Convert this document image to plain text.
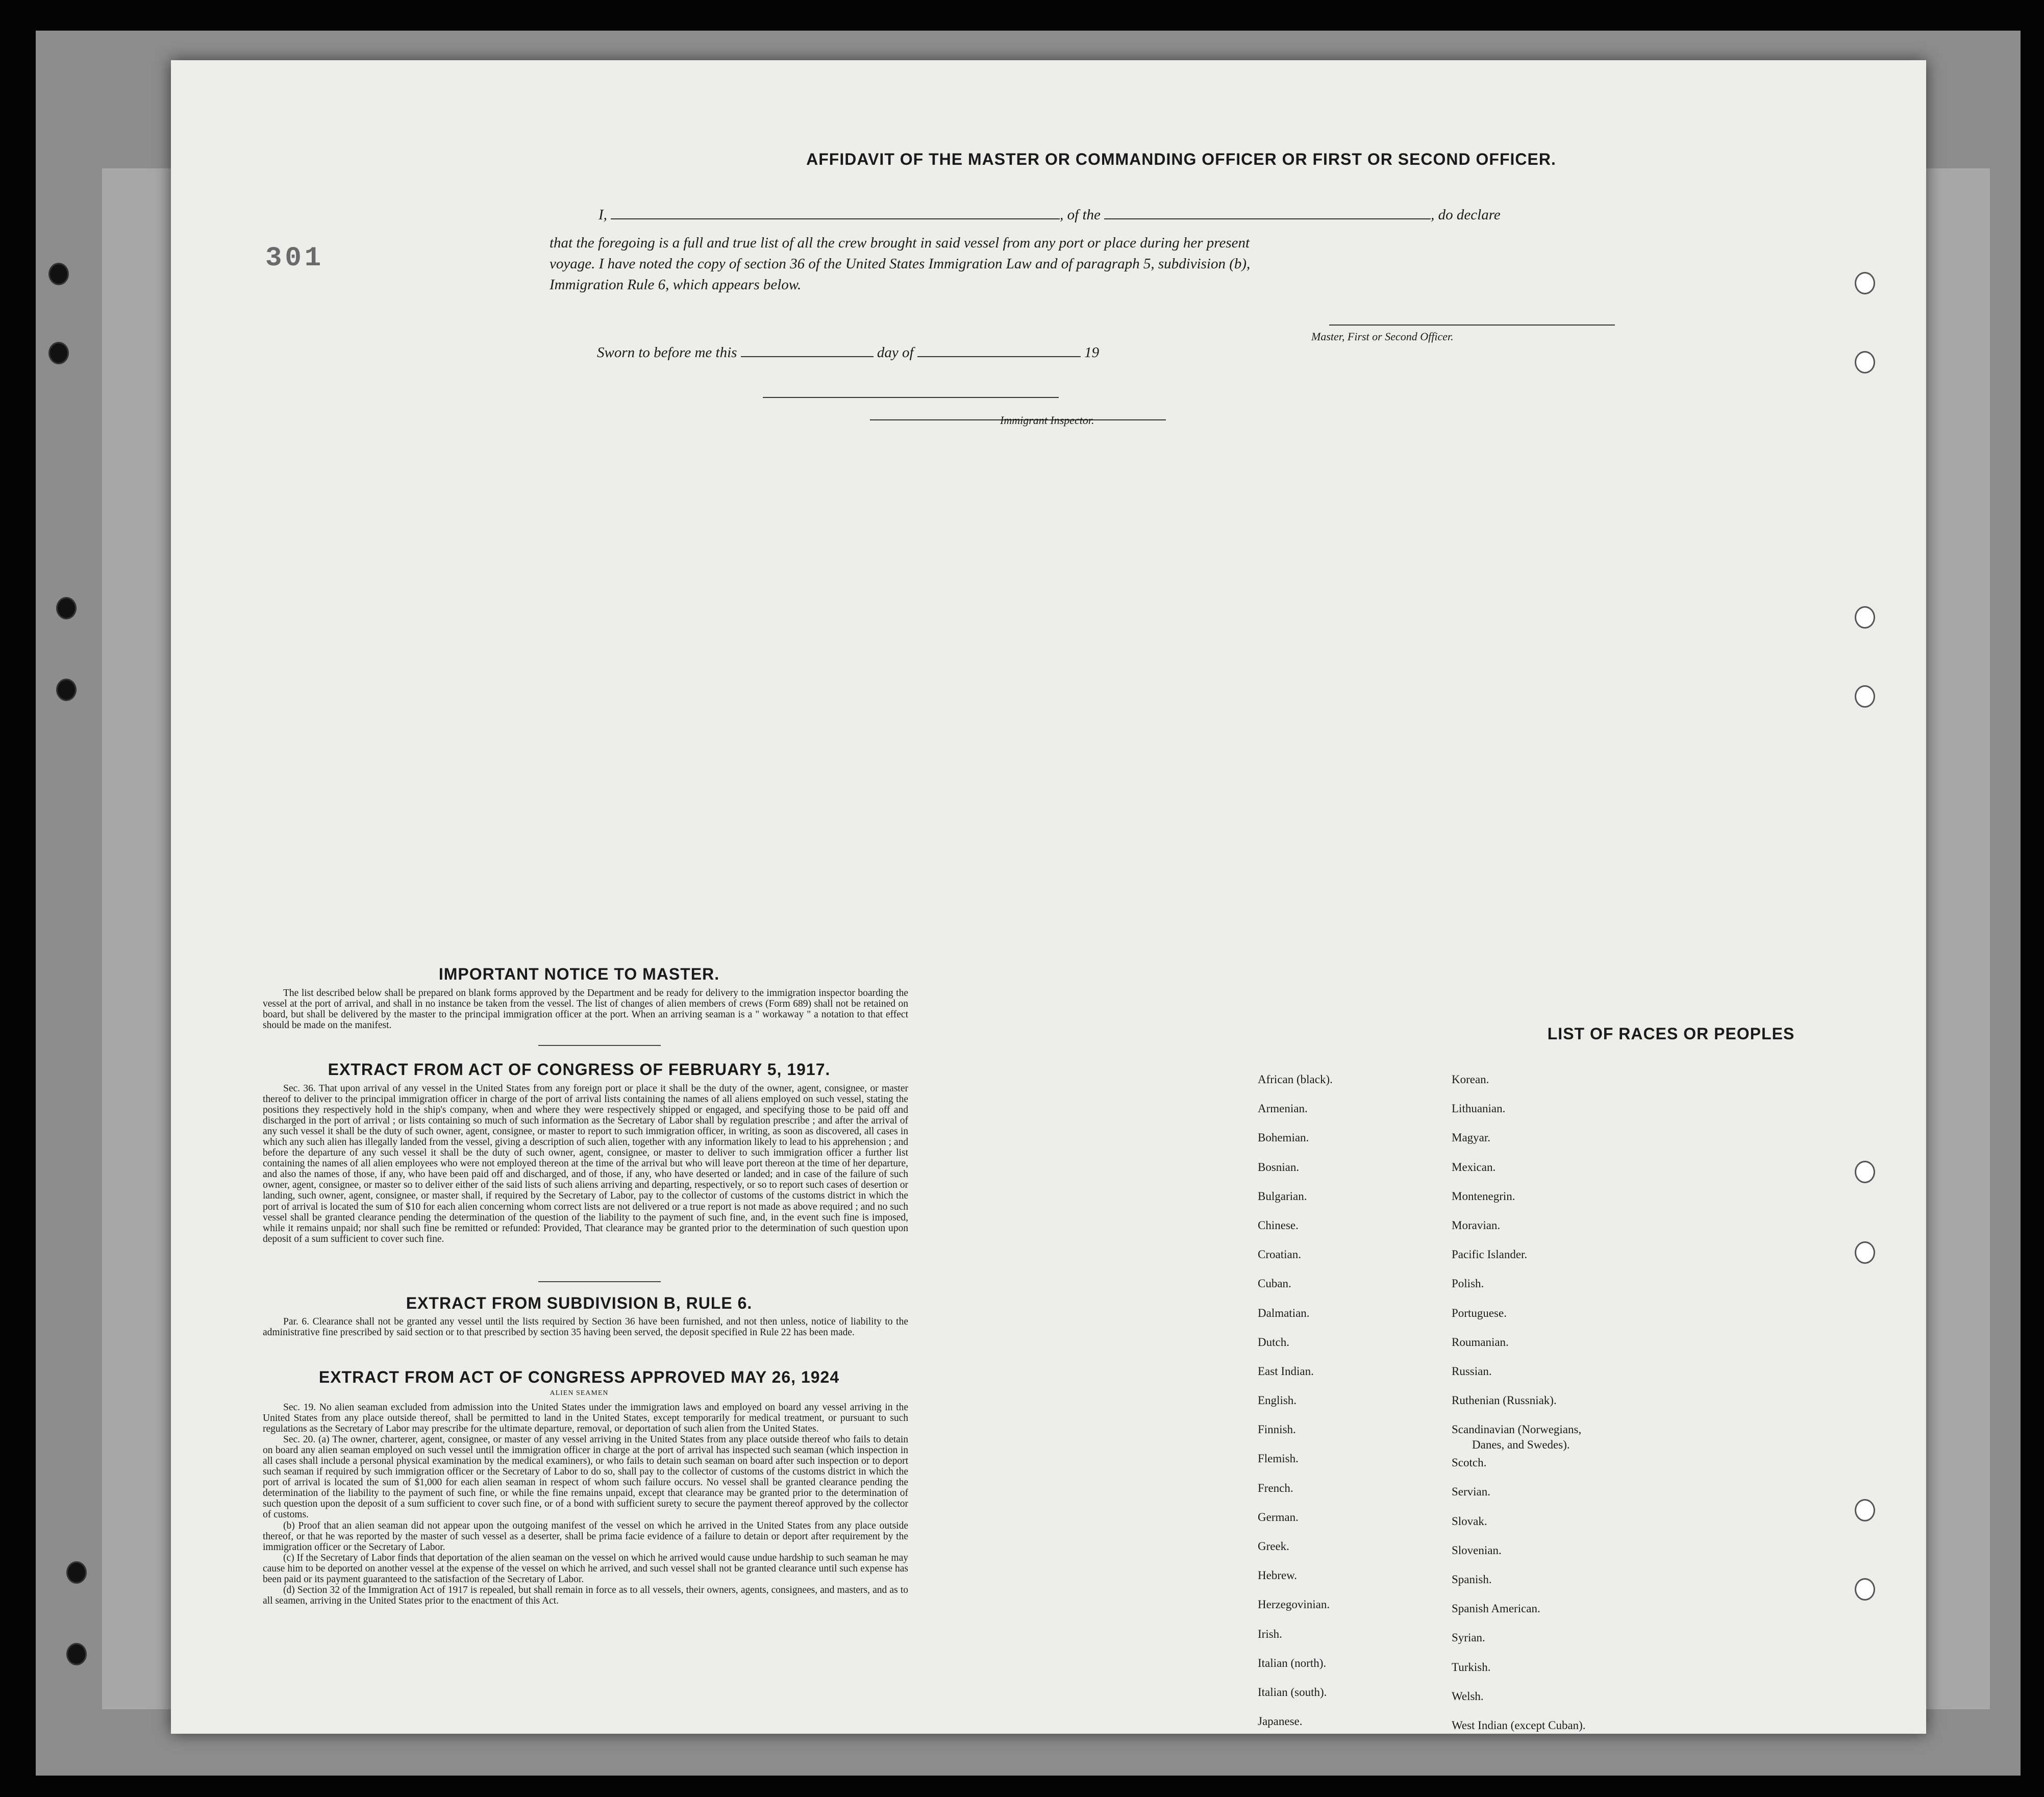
301
AFFIDAVIT OF THE MASTER OR COMMANDING OFFICER OR FIRST OR SECOND OFFICER.
I,	, of the	, do declare
that the foregoing is a full and true list of all the crew brought in said vessel from any port or place during her present
voyage. I have noted the copy of section 36 of the United States Immigration Law and of paragraph 5, subdivision (b),
Immigration Rule 6, which appears below.
Master, First or Second Officer.
Sworn to before me this	day of	19
Immigrant Inspector.
IMPORTANT NOTICE TO MASTER.

The list described below shall be prepared on blank forms approved by the Department and be ready for delivery to the immigration inspector boarding the vessel at the port of arrival, and shall in no instance be taken from the vessel. The list of changes of alien members of crews (Form 689) shall not be retained on board, but shall be delivered by the master to the principal immigration officer at the port. When an arriving seaman is a " workaway " a notation to that effect should be made on the manifest.

EXTRACT FROM ACT OF CONGRESS OF FEBRUARY 5, 1917.

Sec. 36. That upon arrival of any vessel in the United States from any foreign port or place it shall be the duty of the owner, agent, consignee, or master thereof to deliver to the principal immigration officer in charge of the port of arrival lists containing the names of all aliens employed on such vessel, stating the positions they respectively hold in the ship's company, when and where they were respectively shipped or engaged, and specifying those to be paid off and discharged in the port of arrival ; or lists containing so much of such information as the Secretary of Labor shall by regulation prescribe ; and after the arrival of any such vessel it shall be the duty of such owner, agent, consignee, or master to report to such immigration officer, in writing, as soon as discovered, all cases in which any such alien has illegally landed from the vessel, giving a description of such alien, together with any information likely to lead to his apprehension ; and before the departure of any such vessel it shall be the duty of such owner, agent, consignee, or master to deliver to such immigration officer a further list containing the names of all alien employees who were not employed thereon at the time of the arrival but who will leave port thereon at the time of her departure, and also the names of those, if any, who have been paid off and discharged, and of those, if any, who have deserted or landed; and in case of the failure of such owner, agent, consignee, or master so to deliver either of the said lists of such aliens arriving and departing, respectively, or so to report such cases of desertion or landing, such owner, agent, consignee, or master shall, if required by the Secretary of Labor, pay to the collector of customs of the customs district in which the port of arrival is located the sum of $10 for each alien concerning whom correct lists are not delivered or a true report is not made as above required ; and no such vessel shall be granted clearance pending the determination of the question of the liability to the payment of such fine, and, in the event such fine is imposed, while it remains unpaid; nor shall such fine be remitted or refunded: Provided, That clearance may be granted prior to the determination of such question upon deposit of a sum sufficient to cover such fine.

EXTRACT FROM SUBDIVISION B, RULE 6.

Par. 6. Clearance shall not be granted any vessel until the lists required by Section 36 have been furnished, and not then unless, notice of liability to the administrative fine prescribed by said section or to that prescribed by section 35 having been served, the deposit specified in Rule 22 has been made.

EXTRACT FROM ACT OF CONGRESS APPROVED MAY 26, 1924
ALIEN SEAMEN

Sec. 19. No alien seaman excluded from admission into the United States under the immigration laws and employed on board any vessel arriving in the United States from any place outside thereof, shall be permitted to land in the United States, except temporarily for medical treatment, or pursuant to such regulations as the Secretary of Labor may prescribe for the ultimate departure, removal, or deportation of such alien from the United States.

Sec. 20. (a) The owner, charterer, agent, consignee, or master of any vessel arriving in the United States from any place outside thereof who fails to detain on board any alien seaman employed on such vessel until the immigration officer in charge at the port of arrival has inspected such seaman (which inspection in all cases shall include a personal physical examination by the medical examiners), or who fails to detain such seaman on board after such inspection or to deport such seaman if required by such immigration officer or the Secretary of Labor to do so, shall pay to the collector of customs of the customs district in which the port of arrival is located the sum of $1,000 for each alien seaman in respect of whom such failure occurs. No vessel shall be granted clearance pending the determination of the liability to the payment of such fine, or while the fine remains unpaid, except that clearance may be granted prior to the determination of such question upon the deposit of a sum sufficient to cover such fine, or of a bond with sufficient surety to secure the payment thereof approved by the collector of customs.

(b) Proof that an alien seaman did not appear upon the outgoing manifest of the vessel on which he arrived in the United States from any place outside thereof, or that he was reported by the master of such vessel as a deserter, shall be prima facie evidence of a failure to detain or deport after requirement by the immigration officer or the Secretary of Labor.

(c) If the Secretary of Labor finds that deportation of the alien seaman on the vessel on which he arrived would cause undue hardship to such seaman he may cause him to be deported on another vessel at the expense of the vessel on which he arrived, and such vessel shall not be granted clearance until such expense has been paid or its payment guaranteed to the satisfaction of the Secretary of Labor.

(d) Section 32 of the Immigration Act of 1917 is repealed, but shall remain in force as to all vessels, their owners, agents, consignees, and masters, and as to all seamen, arriving in the United States prior to the enactment of this Act.

LIST OF RACES OR PEOPLES
African (black).
Armenian.
Bohemian.
Bosnian.
Bulgarian.
Chinese.
Croatian.
Cuban.
Dalmatian.
Dutch.
East Indian.
English.
Finnish.
Flemish.
French.
German.
Greek.
Hebrew.
Herzegovinian.
Irish.
Italian (north).
Italian (south).
Japanese.
Korean.
Lithuanian.
Magyar.
Mexican.
Montenegrin.
Moravian.
Pacific Islander.
Polish.
Portuguese.
Roumanian.
Russian.
Ruthenian (Russniak).
Scandinavian (Norwegians,
Danes, and Swedes).
Scotch.
Servian.
Slovak.
Slovenian.
Spanish.
Spanish American.
Syrian.
Turkish.
Welsh.
West Indian (except Cuban).
